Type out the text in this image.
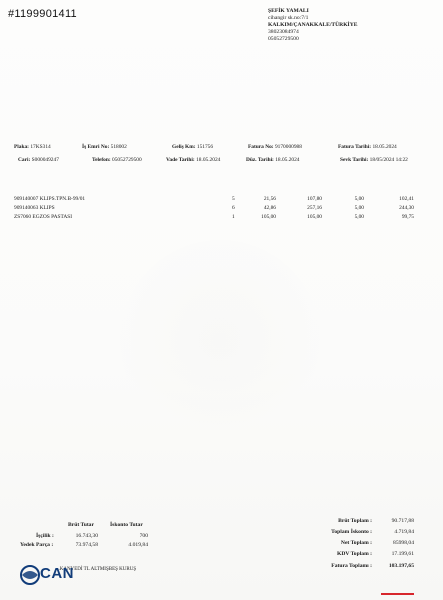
#1199901411	ŞEFİK YAMALI
cihangir sk.no:7/1
KALKIM/ÇANAKKALE/TÜRKİYE
38023084974
05052729500
Plaka: 17KS314	İş Emri No: 518002	Geliş Km: 151756	Fatura No: 9170000988	Fatura Tarihi: 18.05.2024
Cari: S000049247	Telefon: 05052729500	Vade Tarihi: 18.05.2024	Düz. Tarihi: 18.05.2024	Sevk Tarihi: 18/05/2024 14:22
909140007 KLIPS.TPN.B-99/01	5	21,56	107,80	5,00	102,41
909140063 KLIPS	6	42,86	257,16	5,00	244,30
ZS7060 EGZOS PASTASI	1	105,00	105,00	5,00	99,75
Brüt Tutar	İskonto Tutar
İşçilik :	16.743,30	700
Yedek Parça :	73.974,58	4.019,84
...KANYEDİ TL ALTMIŞBEŞ KURUŞ
CAN
Brüt Toplam :	90.717,88
Toplam İskonto :	4.719,84
Net Toplam :	85998,04
KDV Toplam :	17.199,61
Fatura Toplamı :	103.197,65
